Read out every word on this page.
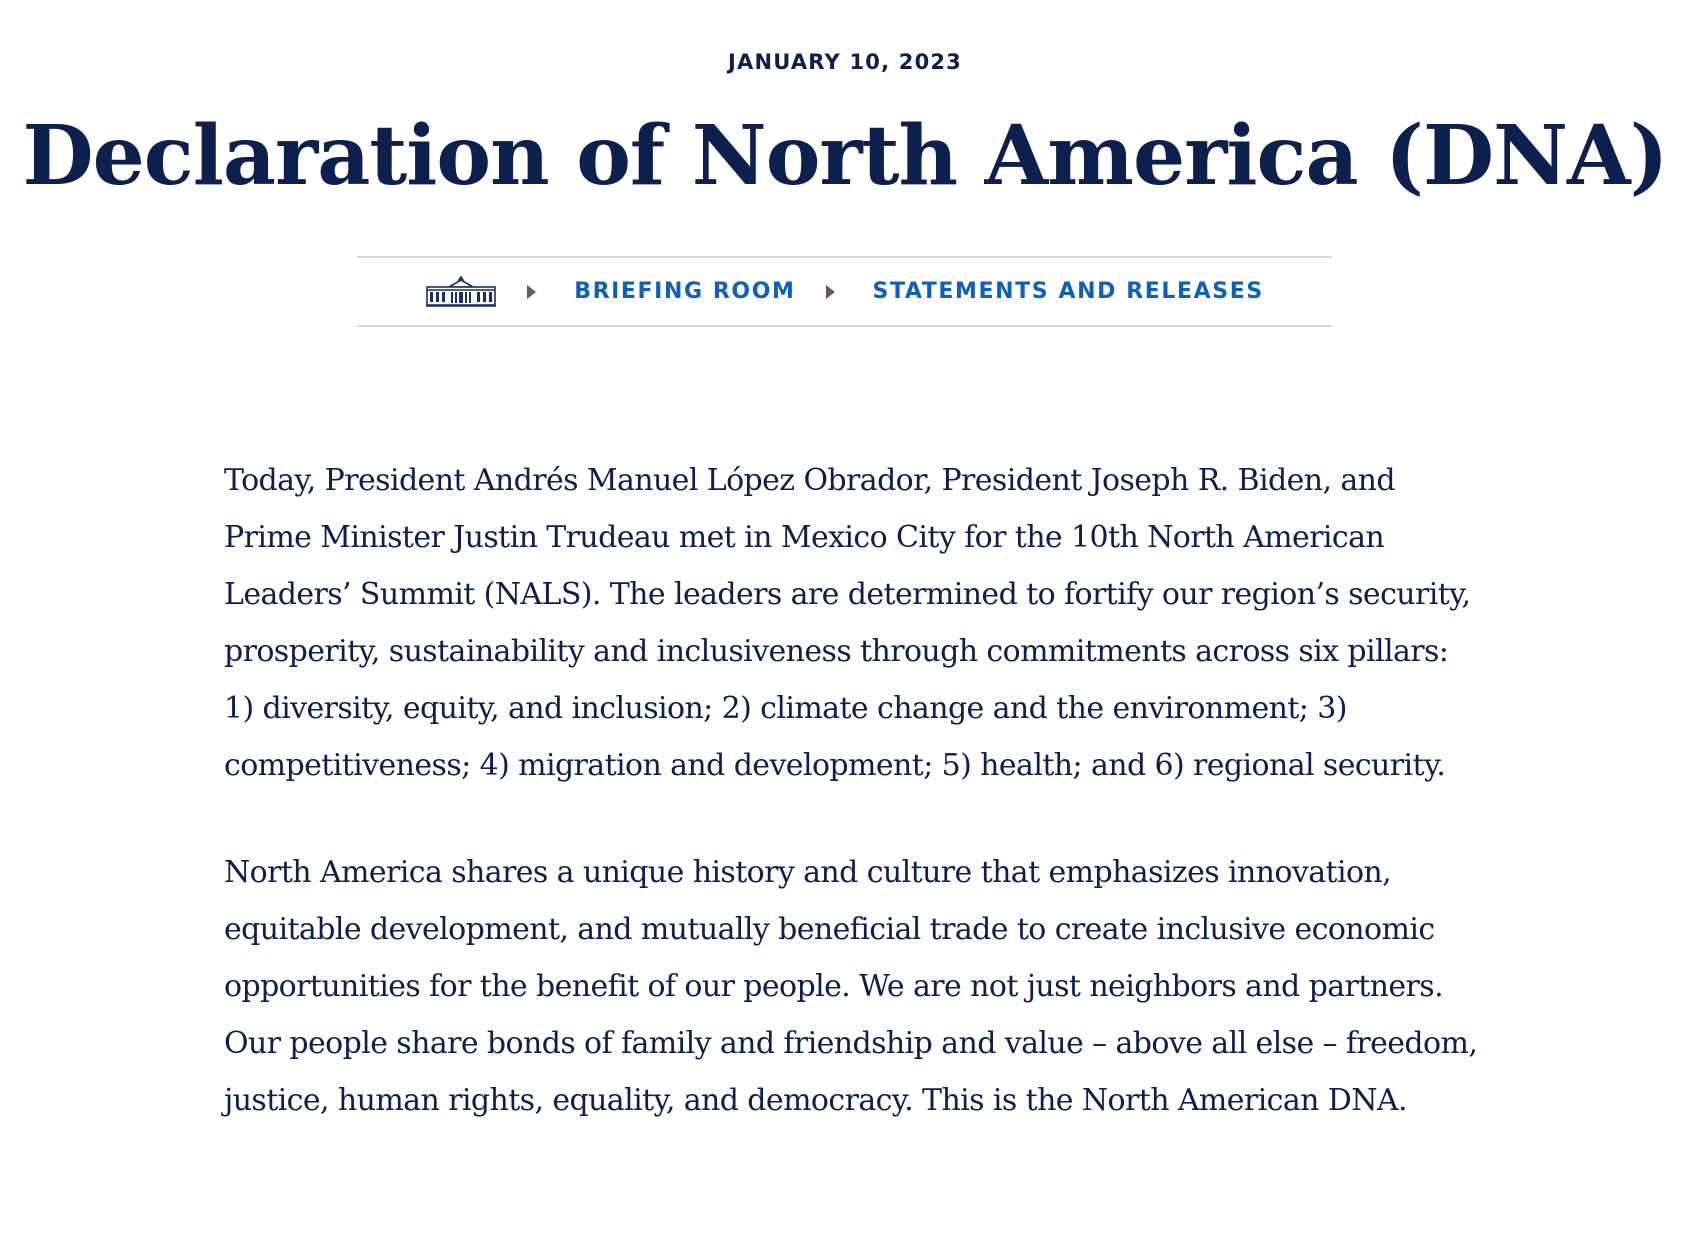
JANUARY 10, 2023
Declaration of North America (DNA)
BRIEFING ROOM	STATEMENTS AND RELEASES

Today, President Andrés Manuel López Obrador, President Joseph R. Biden, and Prime Minister Justin Trudeau met in Mexico City for the 10th North American Leaders’ Summit (NALS). The leaders are determined to fortify our region’s security, prosperity, sustainability and inclusiveness through commitments across six pillars: 1) diversity, equity, and inclusion; 2) climate change and the environment; 3) competitiveness; 4) migration and development; 5) health; and 6) regional security.

North America shares a unique history and culture that emphasizes innovation, equitable development, and mutually beneficial trade to create inclusive economic opportunities for the benefit of our people. We are not just neighbors and partners. Our people share bonds of family and friendship and value – above all else – freedom, justice, human rights, equality, and democracy. This is the North American DNA.
